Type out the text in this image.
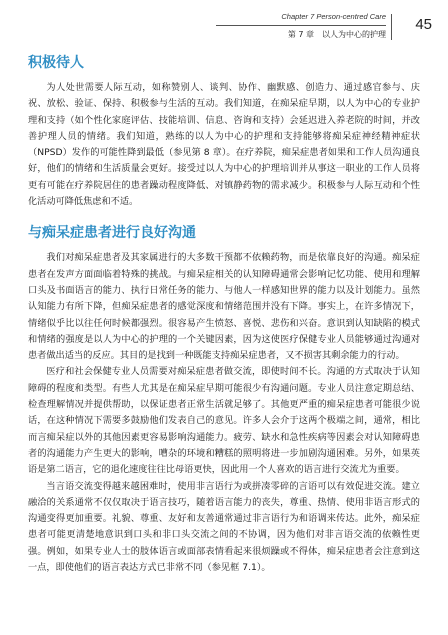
Chapter 7 Person-centred Care
第 7 章　以人为中心的护理
45
积极待人

为人处世需要人际互动，如称赞别人、谈判、协作、幽默感、创造力、通过感官参与、庆祝、放松、验证、保持、积极参与生活的互动。我们知道，在痴呆症早期，以人为中心的专业护理和支持（如个性化家庭评估、技能培训、信息、咨询和支持）会延迟进入养老院的时间，并改善护理人员的情绪。我们知道，熟练的以人为中心的护理和支持能够将痴呆症神经精神症状（NPSD）发作的可能性降到最低（参见第 8 章）。在疗养院，痴呆症患者如果和工作人员沟通良好，他们的情绪和生活质量会更好。接受过以人为中心的护理培训并从事这一职业的工作人员将更有可能在疗养院居住的患者躁动程度降低、对镇静药物的需求减少。积极参与人际互动和个性化活动可降低焦虑和不适。

与痴呆症患者进行良好沟通

我们对痴呆症患者及其家属进行的大多数干预都不依赖药物，而是依靠良好的沟通。痴呆症患者在发声方面面临着特殊的挑战。与痴呆症相关的认知障碍通常会影响记忆功能、使用和理解口头及书面语言的能力、执行日常任务的能力、与他人一样感知世界的能力以及计划能力。虽然认知能力有所下降，但痴呆症患者的感觉深度和情绪范围并没有下降。事实上，在许多情况下，情绪似乎比以往任何时候都强烈。很容易产生愤怒、喜悦、悲伤和兴奋。意识到认知缺陷的模式和情绪的强度是以人为中心的护理的一个关键因素，因为这使医疗保健专业人员能够通过沟通对患者做出适当的反应。其目的是找到一种既能支持痴呆症患者，又不损害其剩余能力的行动。

医疗和社会保健专业人员需要对痴呆症患者做交流，即使时间不长。沟通的方式取决于认知障碍的程度和类型。有些人尤其是在痴呆症早期可能很少有沟通问题。专业人员注意定期总结、检查理解情况并提供帮助，以保证患者正常生活就足够了。其他更严重的痴呆症患者可能很少说话，在这种情况下需要多鼓励他们发表自己的意见。许多人会介于这两个极端之间，通常，相比而言痴呆症以外的其他因素更容易影响沟通能力。疲劳、缺水和急性疾病等因素会对认知障碍患者的沟通能力产生更大的影响，嘈杂的环境和糟糕的照明将进一步加剧沟通困难。另外，如果英语是第二语言，它的退化速度往往比母语更快，因此用一个人喜欢的语言进行交流尤为重要。

当言语交流变得越来越困难时，使用非言语行为或拼凑零碎的言语可以有效促进交流。建立融洽的关系通常不仅仅取决于语言技巧，随着语言能力的丧失，尊重、热情、使用非语言形式的沟通变得更加重要。礼貌、尊重、友好和友善通常通过非言语行为和语调来传达。此外，痴呆症患者可能更清楚地意识到口头和非口头交流之间的不协调，因为他们对非言语交流的依赖性更强。例如，如果专业人士的肢体语言或面部表情看起来很烦躁或不得体，痴呆症患者会注意到这一点，即使他们的语言表达方式已非常不同（参见框 7.1）。
